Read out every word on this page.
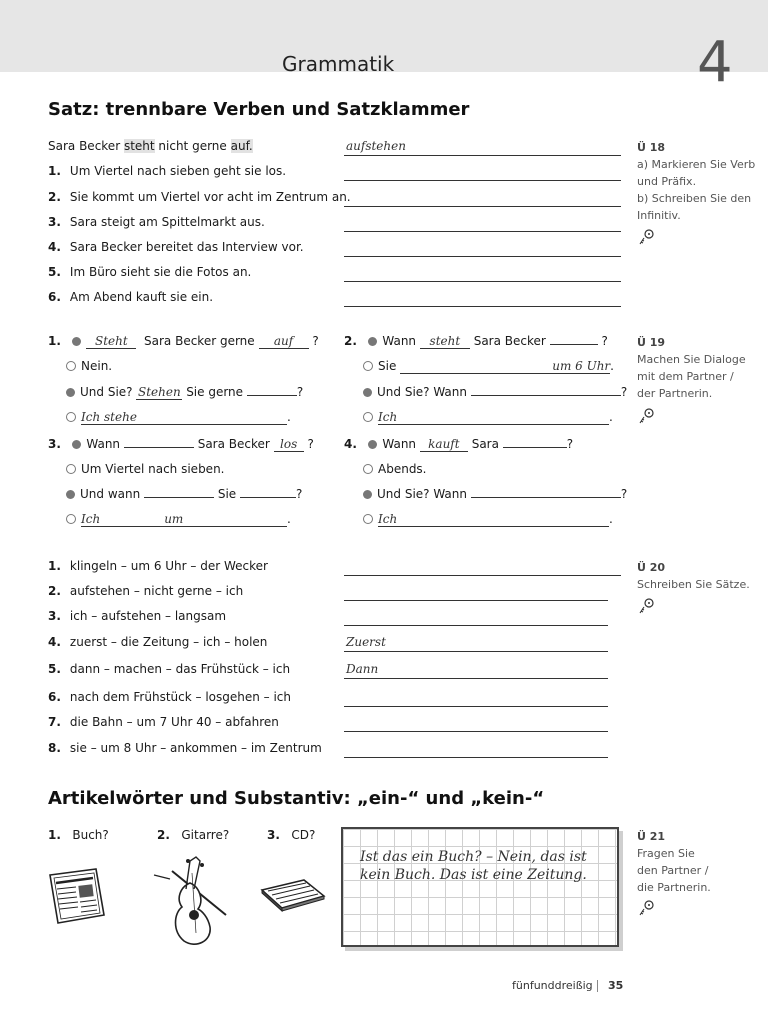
Grammatik	4
Satz: trennbare Verben und Satzklammer
Sara Becker steht nicht gerne auf.	aufstehen
1. Um Viertel nach sieben geht sie los.
2. Sie kommt um Viertel vor acht im Zentrum an.
3. Sara steigt am Spittelmarkt aus.
4. Sara Becker bereitet das Interview vor.
5. Im Büro sieht sie die Fotos an.
6. Am Abend kauft sie ein.
Ü 18
a) Markieren Sie Verb
und Präfix.
b) Schreiben Sie den
Infinitiv.
1.	Steht Sara Becker gerne auf ?
Nein.
Und Sie? Stehen Sie gerne	?
Ich stehe	.
2. Wann steht Sara Becker	?
Sie	um 6 Uhr.
Und Sie? Wann	?
Ich	.
3. Wann	Sara Becker los ?
Um Viertel nach sieben.
Und wann	Sie	?
Ich	um	.
4. Wann kauft Sara	?
Abends.
Und Sie? Wann	?
Ich	.
Ü 19
Machen Sie Dialoge
mit dem Partner /
der Partnerin.
1. klingeln – um 6 Uhr – der Wecker
2. aufstehen – nicht gerne – ich
3. ich – aufstehen – langsam
4. zuerst – die Zeitung – ich – holen	Zuerst
5. dann – machen – das Frühstück – ich	Dann
6. nach dem Frühstück – losgehen – ich
7. die Bahn – um 7 Uhr 40 – abfahren
8. sie – um 8 Uhr – ankommen – im Zentrum
Ü 20
Schreiben Sie Sätze.
Artikelwörter und Substantiv: „ein-“ und „kein-“
1. Buch?	2. Gitarre?	3. CD?
Ist das ein Buch? – Nein, das ist kein Buch. Das ist eine Zeitung.
Ü 21
Fragen Sie
den Partner /
die Partnerin.
fünfunddreißig 35
